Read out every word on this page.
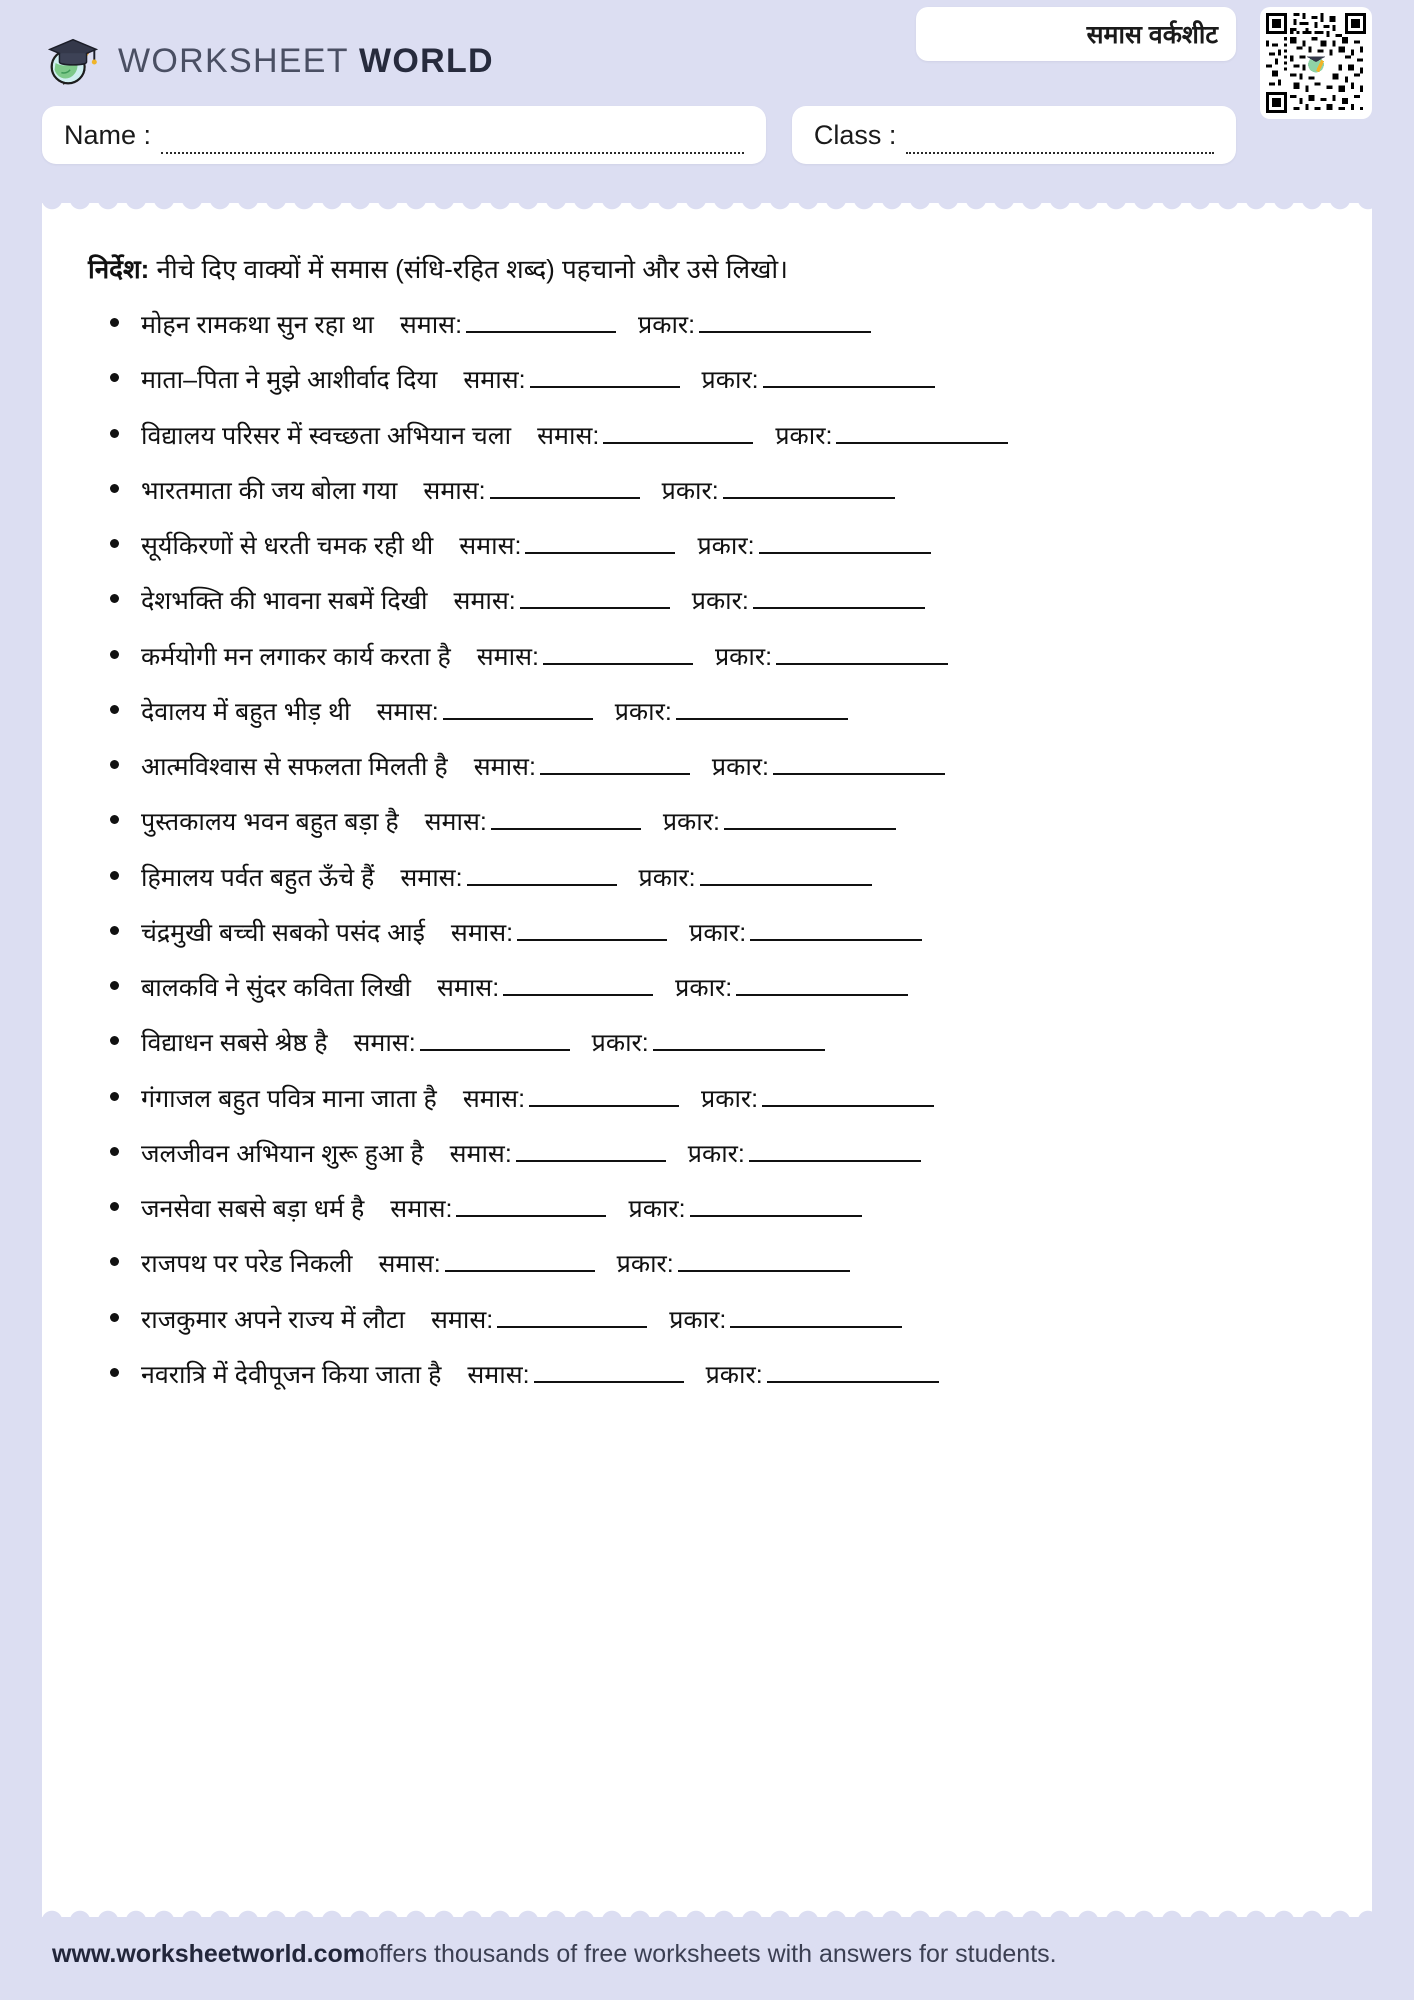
WORKSHEET WORLD
समास वर्कशीट
Name :	Class :
निर्देश: नीचे दिए वाक्यों में समास (संधि-रहित शब्द) पहचानो और उसे लिखो।
मोहन रामकथा सुन रहा था समास:	प्रकार:
माता–पिता ने मुझे आशीर्वाद दिया समास:	प्रकार:
विद्यालय परिसर में स्वच्छता अभियान चला समास:	प्रकार:
भारतमाता की जय बोला गया समास:	प्रकार:
सूर्यकिरणों से धरती चमक रही थी समास:	प्रकार:
देशभक्ति की भावना सबमें दिखी समास:	प्रकार:
कर्मयोगी मन लगाकर कार्य करता है समास:	प्रकार:
देवालय में बहुत भीड़ थी समास:	प्रकार:
आत्मविश्वास से सफलता मिलती है समास:	प्रकार:
पुस्तकालय भवन बहुत बड़ा है समास:	प्रकार:
हिमालय पर्वत बहुत ऊँचे हैं समास:	प्रकार:
चंद्रमुखी बच्ची सबको पसंद आई समास:	प्रकार:
बालकवि ने सुंदर कविता लिखी समास:	प्रकार:
विद्याधन सबसे श्रेष्ठ है समास:	प्रकार:
गंगाजल बहुत पवित्र माना जाता है समास:	प्रकार:
जलजीवन अभियान शुरू हुआ है समास:	प्रकार:
जनसेवा सबसे बड़ा धर्म है समास:	प्रकार:
राजपथ पर परेड निकली समास:	प्रकार:
राजकुमार अपने राज्य में लौटा समास:	प्रकार:
नवरात्रि में देवीपूजन किया जाता है समास:	प्रकार:
www.worksheetworld.com offers thousands of free worksheets with answers for students.
